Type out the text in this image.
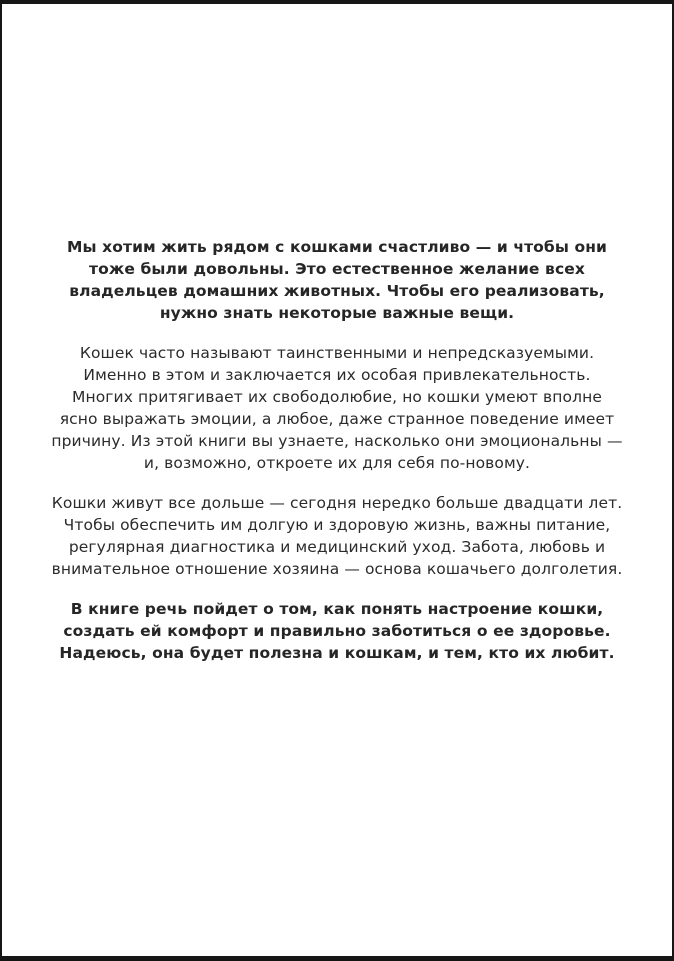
Мы хотим жить рядом с кошками счастливо — и чтобы они тоже были довольны. Это естественное желание всех владельцев домашних животных. Чтобы его реализовать, нужно знать некоторые важные вещи.

Кошек часто называют таинственными и непредсказуемыми. Именно в этом и заключается их особая привлекательность. Многих притягивает их свободолюбие, но кошки умеют вполне ясно выражать эмоции, а любое, даже странное поведение имеет причину. Из этой книги вы узнаете, насколько они эмоциональны — и, возможно, откроете их для себя по-новому.

Кошки живут все дольше — сегодня нередко больше двадцати лет. Чтобы обеспечить им долгую и здоровую жизнь, важны питание, регулярная диагностика и медицинский уход. Забота, любовь и внимательное отношение хозяина — основа кошачьего долголетия.

В книге речь пойдет о том, как понять настроение кошки, создать ей комфорт и правильно заботиться о ее здоровье. Надеюсь, она будет полезна и кошкам, и тем, кто их любит.
